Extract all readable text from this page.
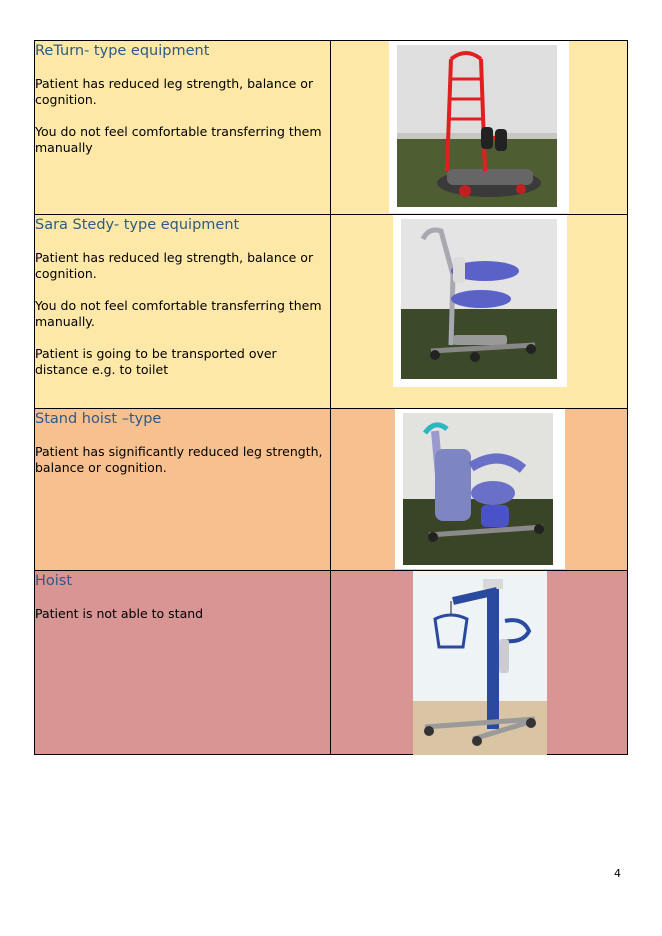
ReTurn- type equipment

Patient has reduced leg strength, balance or cognition.

You do not feel comfortable transferring them manually

Sara Stedy- type equipment

Patient has reduced leg strength, balance or cognition.

You do not feel comfortable transferring them manually.

Patient is going to be transported over distance e.g. to toilet

Stand hoist –type

Patient has significantly reduced leg strength, balance or cognition.

Hoist

Patient is not able to stand

4
